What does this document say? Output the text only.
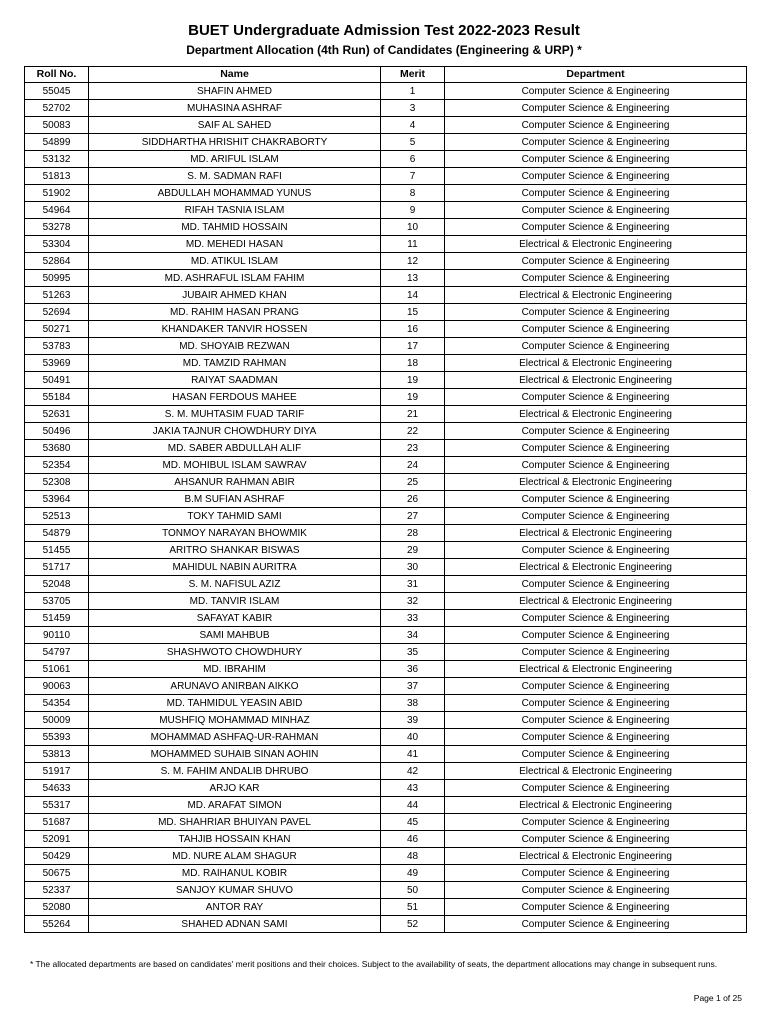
BUET Undergraduate Admission Test 2022-2023 Result
Department Allocation (4th Run) of Candidates (Engineering & URP) *
Roll No.	Name	Merit	Department
55045	SHAFIN AHMED	1	Computer Science & Engineering
52702	MUHASINA ASHRAF	3	Computer Science & Engineering
50083	SAIF AL SAHED	4	Computer Science & Engineering
54899	SIDDHARTHA HRISHIT CHAKRABORTY	5	Computer Science & Engineering
53132	MD. ARIFUL ISLAM	6	Computer Science & Engineering
51813	S. M. SADMAN RAFI	7	Computer Science & Engineering
51902	ABDULLAH MOHAMMAD YUNUS	8	Computer Science & Engineering
54964	RIFAH TASNIA ISLAM	9	Computer Science & Engineering
53278	MD. TAHMID HOSSAIN	10	Computer Science & Engineering
53304	MD. MEHEDI HASAN	11	Electrical & Electronic Engineering
52864	MD. ATIKUL ISLAM	12	Computer Science & Engineering
50995	MD. ASHRAFUL ISLAM FAHIM	13	Computer Science & Engineering
51263	JUBAIR AHMED KHAN	14	Electrical & Electronic Engineering
52694	MD. RAHIM HASAN PRANG	15	Computer Science & Engineering
50271	KHANDAKER TANVIR HOSSEN	16	Computer Science & Engineering
53783	MD. SHOYAIB REZWAN	17	Computer Science & Engineering
53969	MD. TAMZID RAHMAN	18	Electrical & Electronic Engineering
50491	RAIYAT SAADMAN	19	Electrical & Electronic Engineering
55184	HASAN FERDOUS MAHEE	19	Computer Science & Engineering
52631	S. M. MUHTASIM FUAD TARIF	21	Electrical & Electronic Engineering
50496	JAKIA TAJNUR CHOWDHURY DIYA	22	Computer Science & Engineering
53680	MD. SABER ABDULLAH ALIF	23	Computer Science & Engineering
52354	MD. MOHIBUL ISLAM SAWRAV	24	Computer Science & Engineering
52308	AHSANUR RAHMAN ABIR	25	Electrical & Electronic Engineering
53964	B.M SUFIAN ASHRAF	26	Computer Science & Engineering
52513	TOKY TAHMID SAMI	27	Computer Science & Engineering
54879	TONMOY NARAYAN BHOWMIK	28	Electrical & Electronic Engineering
51455	ARITRO SHANKAR BISWAS	29	Computer Science & Engineering
51717	MAHIDUL NABIN AURITRA	30	Electrical & Electronic Engineering
52048	S. M. NAFISUL AZIZ	31	Computer Science & Engineering
53705	MD. TANVIR ISLAM	32	Electrical & Electronic Engineering
51459	SAFAYAT KABIR	33	Computer Science & Engineering
90110	SAMI MAHBUB	34	Computer Science & Engineering
54797	SHASHWOTO CHOWDHURY	35	Computer Science & Engineering
51061	MD. IBRAHIM	36	Electrical & Electronic Engineering
90063	ARUNAVO ANIRBAN AIKKO	37	Computer Science & Engineering
54354	MD. TAHMIDUL YEASIN ABID	38	Computer Science & Engineering
50009	MUSHFIQ MOHAMMAD MINHAZ	39	Computer Science & Engineering
55393	MOHAMMAD ASHFAQ-UR-RAHMAN	40	Computer Science & Engineering
53813	MOHAMMED SUHAIB SINAN AOHIN	41	Computer Science & Engineering
51917	S. M. FAHIM ANDALIB DHRUBO	42	Electrical & Electronic Engineering
54633	ARJO KAR	43	Computer Science & Engineering
55317	MD. ARAFAT SIMON	44	Electrical & Electronic Engineering
51687	MD. SHAHRIAR BHUIYAN PAVEL	45	Computer Science & Engineering
52091	TAHJIB HOSSAIN KHAN	46	Computer Science & Engineering
50429	MD. NURE ALAM SHAGUR	48	Electrical & Electronic Engineering
50675	MD. RAIHANUL KOBIR	49	Computer Science & Engineering
52337	SANJOY KUMAR SHUVO	50	Computer Science & Engineering
52080	ANTOR RAY	51	Computer Science & Engineering
55264	SHAHED ADNAN SAMI	52	Computer Science & Engineering
* The allocated departments are based on candidates' merit positions and their choices. Subject to the availability of seats, the department allocations may change in subsequent runs.
Page 1 of 25
